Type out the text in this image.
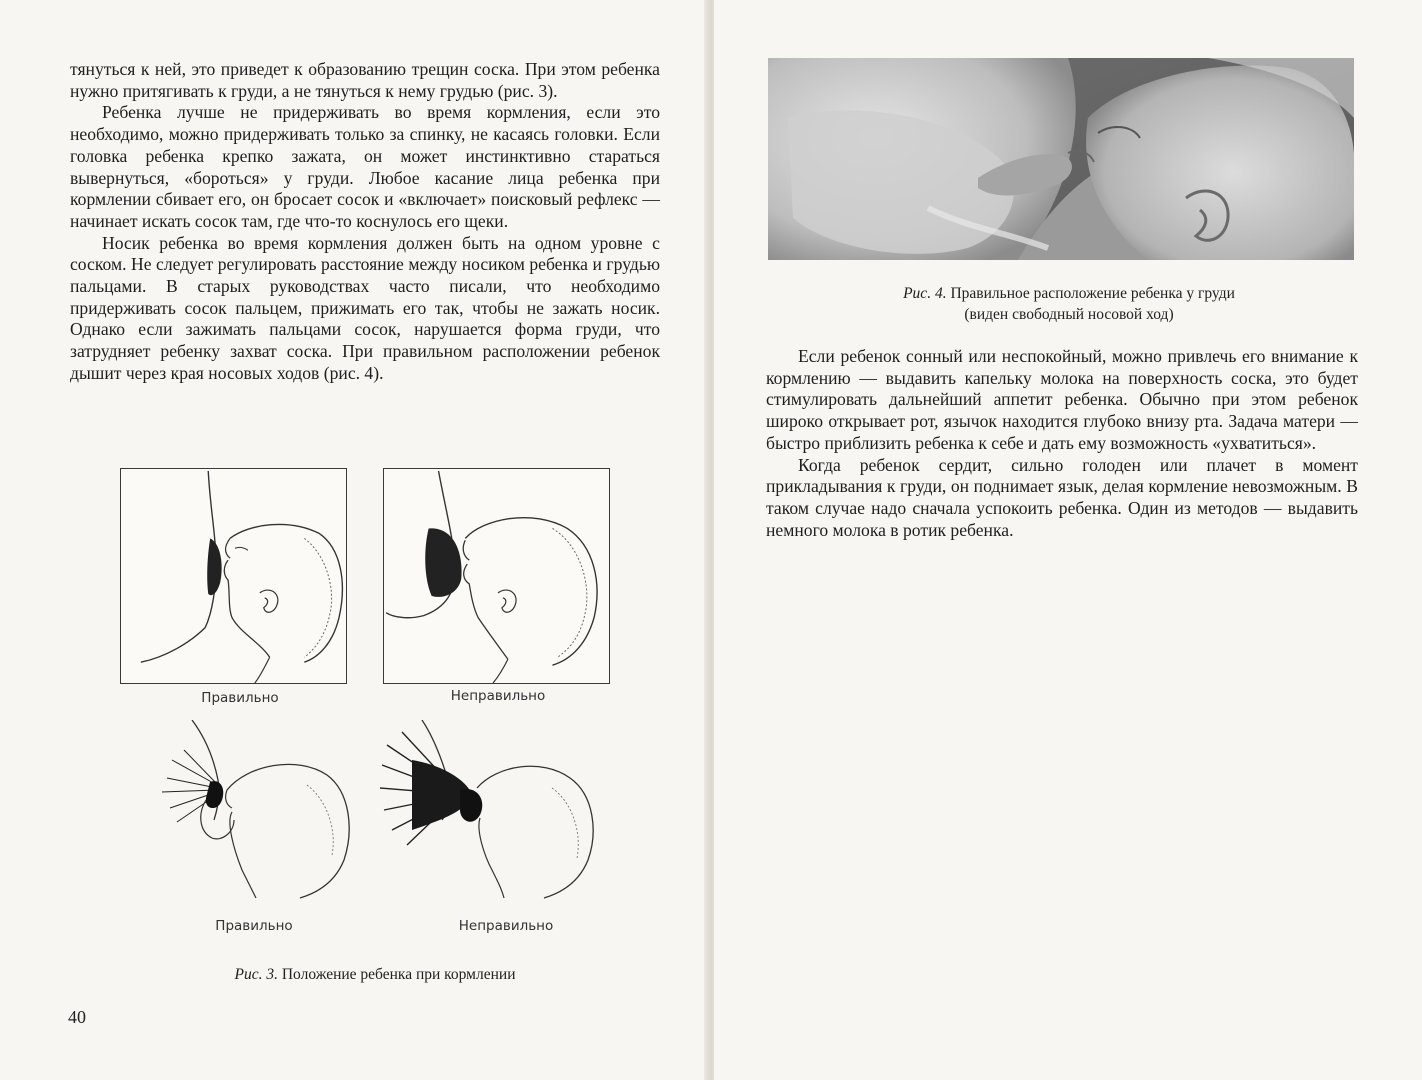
тянуться к ней, это приведет к образованию трещин соска. При этом ребенка нужно притягивать к груди, а не тянуться к нему грудью (рис. 3).

Ребенка лучше не придерживать во время кормления, если это необходимо, можно придерживать только за спинку, не касаясь головки. Если головка ребенка крепко зажата, он может инстинктивно стараться вывернуться, «бороться» у груди. Любое касание лица ребенка при кормлении сбивает его, он бросает сосок и «включает» поисковый рефлекс — начинает искать сосок там, где что-то коснулось его щеки.

Носик ребенка во время кормления должен быть на одном уровне с соском. Не следует регулировать расстояние между носиком ребенка и грудью пальцами. В старых руководствах часто писали, что необходимо придерживать сосок пальцем, прижимать его так, чтобы не зажать носик. Однако если зажимать пальцами сосок, нарушается форма груди, что затрудняет ребенку захват соска. При правильном расположении ребенок дышит через края носовых ходов (рис. 4).

Правильно	Неправильно
Правильно	Неправильно
Рис. 3. Положение ребенка при кормлении
40
Рис. 4. Правильное расположение ребенка у груди
(виден свободный носовой ход)

Если ребенок сонный или неспокойный, можно привлечь его внимание к кормлению — выдавить капельку молока на поверхность соска, это будет стимулировать дальнейший аппетит ребенка. Обычно при этом ребенок широко открывает рот, язычок находится глубоко внизу рта. Задача матери — быстро приблизить ребенка к себе и дать ему возможность «ухватиться».

Когда ребенок сердит, сильно голоден или плачет в момент прикладывания к груди, он поднимает язык, делая кормление невозможным. В таком случае надо сначала успокоить ребенка. Один из методов — выдавить немного молока в ротик ребенка.
